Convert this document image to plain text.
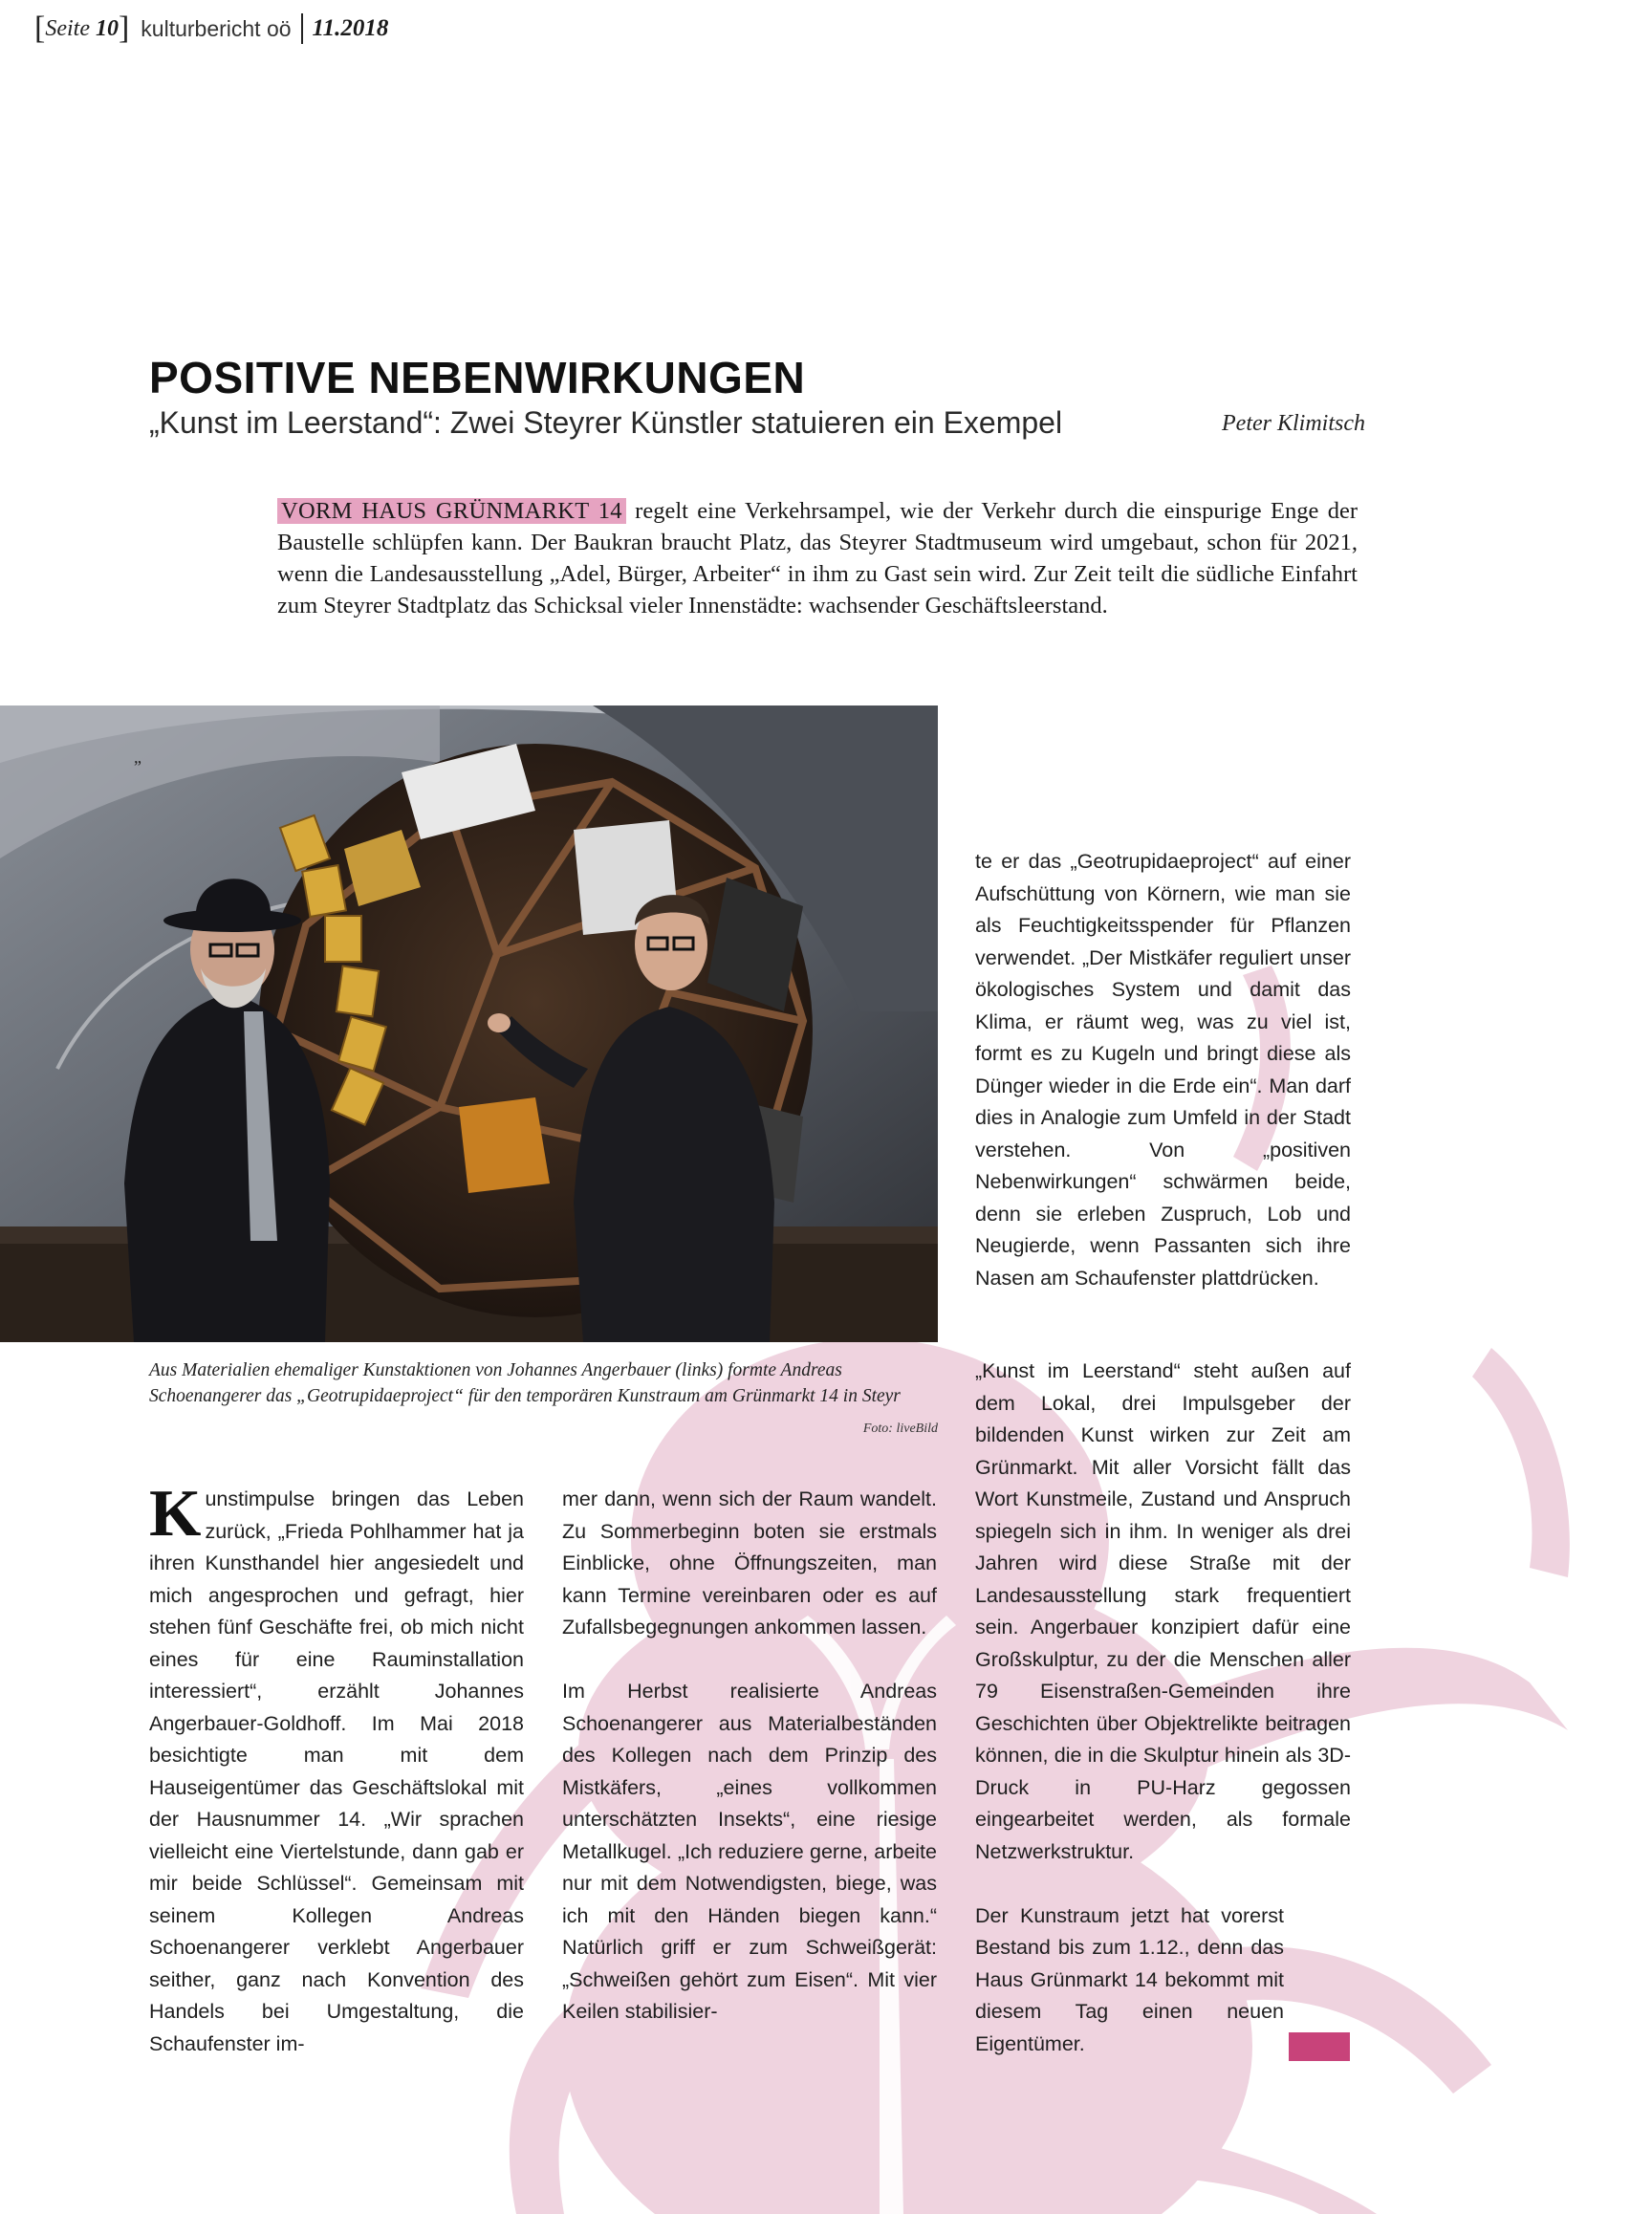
[ Seite 10 ] kulturbericht oö 11.2018
POSITIVE NEBENWIRKUNGEN
„Kunst im Leerstand“: Zwei Steyrer Künstler statuieren ein Exempel	Peter Klimitsch

VORM HAUS GRÜNMARKT 14 regelt eine Verkehrsampel, wie der Verkehr durch die einspurige Enge der Baustelle schlüpfen kann. Der Baukran braucht Platz, das Steyrer Stadtmuseum wird umgebaut, schon für 2021, wenn die Landesausstellung „Adel, Bürger, Arbeiter“ in ihm zu Gast sein wird. Zur Zeit teilt die südliche Einfahrt zum Steyrer Stadtplatz das Schicksal vieler Innenstädte: wachsender Geschäftsleerstand.

”
Aus Materialien ehemaliger Kunstaktionen von Johannes Angerbauer (links) formte Andreas Schoenangerer das „Geotrupidaeproject“ für den temporären Kunstraum am Grünmarkt 14 in Steyr
Foto: liveBild

Kunstimpulse bringen das Leben zurück, „Frieda Pohlhammer hat ja ihren Kunsthandel hier angesiedelt und mich angesprochen und gefragt, hier stehen fünf Geschäfte frei, ob mich nicht eines für eine Rauminstallation interessiert“, erzählt Johannes Angerbauer-Goldhoff. Im Mai 2018 besichtigte man mit dem Hauseigentümer das Geschäftslokal mit der Hausnummer 14. „Wir sprachen vielleicht eine Viertelstunde, dann gab er mir beide Schlüssel“. Gemeinsam mit seinem Kollegen Andreas Schoenangerer verklebt Angerbauer seither, ganz nach Konvention des Handels bei Umgestaltung, die Schaufenster im-

mer dann, wenn sich der Raum wandelt. Zu Sommerbeginn boten sie erstmals Einblicke, ohne Öffnungszeiten, man kann Termine vereinbaren oder es auf Zufallsbegegnungen ankommen lassen.

Im Herbst realisierte Andreas Schoenangerer aus Materialbeständen des Kollegen nach dem Prinzip des Mistkäfers, „eines vollkommen unterschätzten Insekts“, eine riesige Metallkugel. „Ich reduziere gerne, arbeite nur mit dem Notwendigsten, biege, was ich mit den Händen biegen kann.“ Natürlich griff er zum Schweißgerät: „Schweißen gehört zum Eisen“. Mit vier Keilen stabilisier-

te er das „Geotrupidaeproject“ auf einer Aufschüttung von Körnern, wie man sie als Feuchtigkeitsspender für Pflanzen verwendet. „Der Mistkäfer reguliert unser ökologisches System und damit das Klima, er räumt weg, was zu viel ist, formt es zu Kugeln und bringt diese als Dünger wieder in die Erde ein“. Man darf dies in Analogie zum Umfeld in der Stadt verstehen. Von „positiven Nebenwirkungen“ schwärmen beide, denn sie erleben Zuspruch, Lob und Neugierde, wenn Passanten sich ihre Nasen am Schaufenster plattdrücken.

„Kunst im Leerstand“ steht außen auf dem Lokal, drei Impulsgeber der bildenden Kunst wirken zur Zeit am Grünmarkt. Mit aller Vorsicht fällt das Wort Kunstmeile, Zustand und Anspruch spiegeln sich in ihm. In weniger als drei Jahren wird diese Straße mit der Landesausstellung stark frequentiert sein. Angerbauer konzipiert dafür eine Großskulptur, zu der die Menschen aller 79 Eisenstraßen-Gemeinden ihre Geschichten über Objektrelikte beitragen können, die in die Skulptur hinein als 3D-Druck in PU-Harz gegossen eingearbeitet werden, als formale Netzwerkstruktur.

Der Kunstraum jetzt hat vorerst Bestand bis zum 1.12., denn das Haus Grünmarkt 14 bekommt mit diesem Tag einen neuen Eigentümer.
